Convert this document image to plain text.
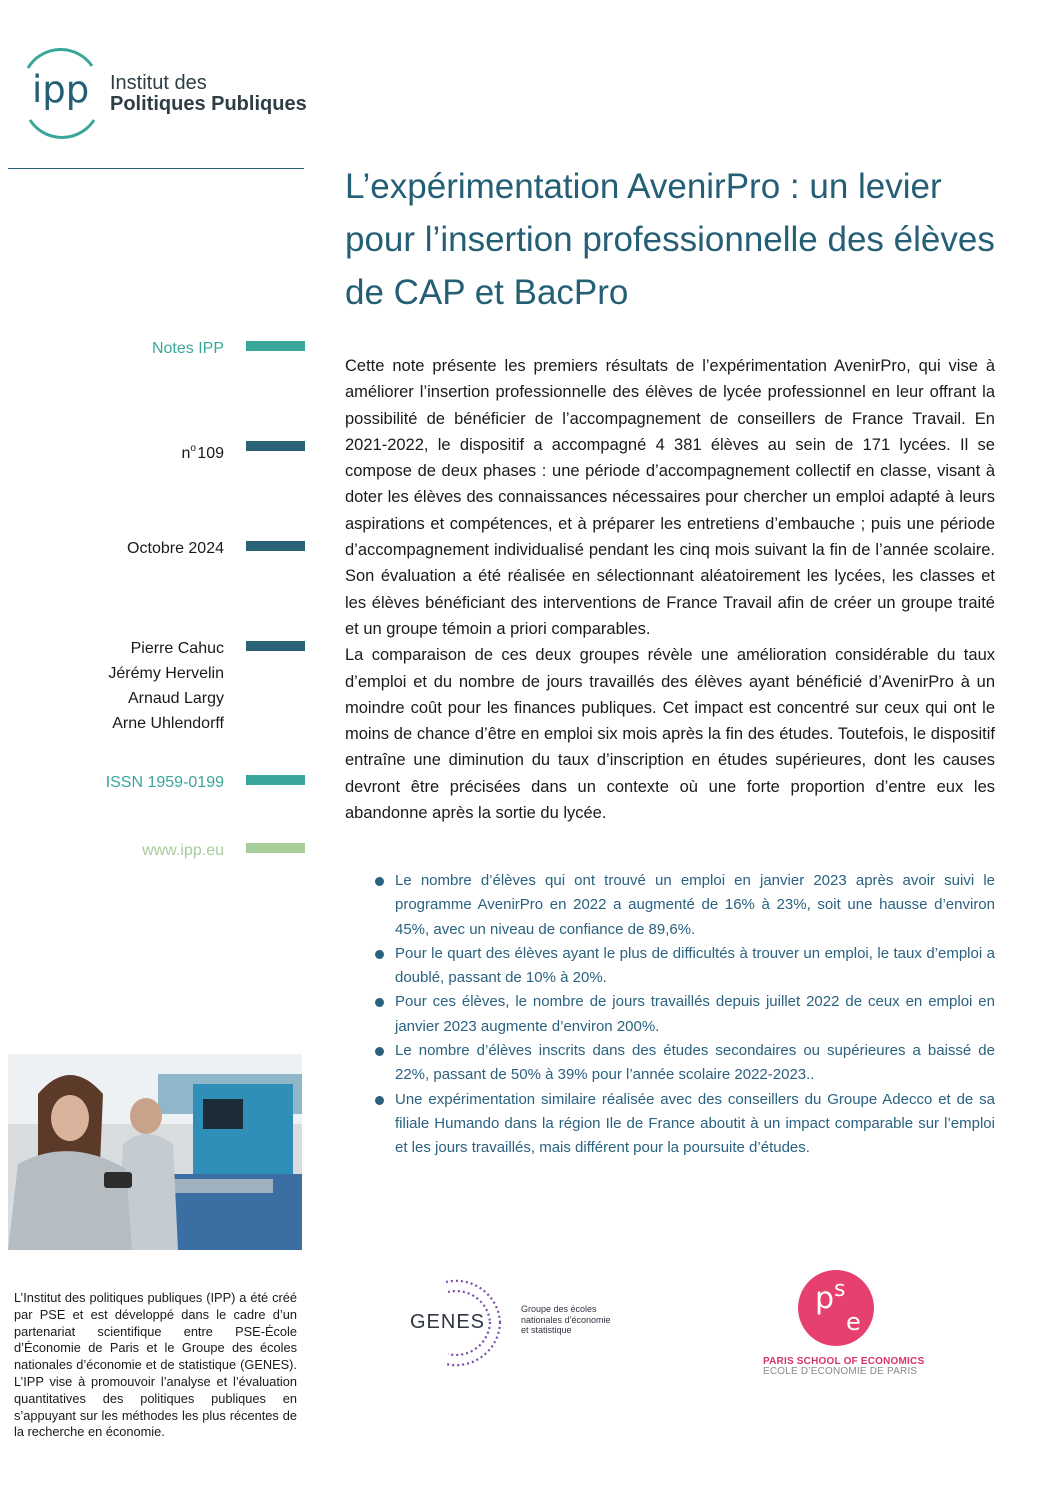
ipp Institut des
Politiques Publiques
L’expérimentation AvenirPro : un levier pour l’insertion professionnelle des élèves de CAP et BacPro
Notes IPP
$n^o$ 109
Octobre 2024
Pierre Cahuc
Jérémy Hervelin
Arnaud Largy
Arne Uhlendorff
ISSN 1959-0199
www.ipp.eu

Cette note présente les premiers résultats de l’expérimentation AvenirPro, qui vise à améliorer l’insertion professionnelle des élèves de lycée professionnel en leur offrant la possibilité de bénéficier de l’accompagnement de conseillers de France Travail. En 2021-2022, le dispositif a accompagné 4 381 élèves au sein de 171 lycées. Il se compose de deux phases : une période d’accompagnement collectif en classe, visant à doter les élèves des connaissances nécessaires pour chercher un emploi adapté à leurs aspirations et compétences, et à préparer les entretiens d’embauche ; puis une période d’accompagnement individualisé pendant les cinq mois suivant la fin de l’année scolaire. Son évaluation a été réalisée en sélectionnant aléatoirement les lycées, les classes et les élèves bénéficiant des interventions de France Travail afin de créer un groupe traité et un groupe témoin a priori comparables.

La comparaison de ces deux groupes révèle une amélioration considérable du taux d’emploi et du nombre de jours travaillés des élèves ayant bénéficié d’AvenirPro à un moindre coût pour les finances publiques. Cet impact est concentré sur ceux qui ont le moins de chance d’être en emploi six mois après la fin des études. Toutefois, le dispositif entraîne une diminution du taux d’inscription en études supérieures, dont les causes devront être précisées dans un contexte où une forte proportion d’entre eux les abandonne après la sortie du lycée.

Le nombre d’élèves qui ont trouvé un emploi en janvier 2023 après avoir suivi le programme AvenirPro en 2022 a augmenté de 16% à 23%, soit une hausse d’environ 45%, avec un niveau de confiance de 89,6%.
Pour le quart des élèves ayant le plus de difficultés à trouver un emploi, le taux d’emploi a doublé, passant de 10% à 20%.
Pour ces élèves, le nombre de jours travaillés depuis juillet 2022 de ceux en emploi en janvier 2023 augmente d’environ 200%.
Le nombre d’élèves inscrits dans des études secondaires ou supérieures a baissé de 22%, passant de 50% à 39% pour l’année scolaire 2022-2023..
Une expérimentation similaire réalisée avec des conseillers du Groupe Adecco et de sa filiale Humando dans la région Ile de France aboutit à un impact comparable sur l’emploi et les jours travaillés, mais différent pour la poursuite d’études.
L’Institut des politiques publiques (IPP) a été créé par PSE et est développé dans le cadre d’un partenariat scientifique entre PSE-École d’Économie de Paris et le Groupe des écoles nationales d’économie et de statistique (GENES). L’IPP vise à promouvoir l’analyse et l’évaluation quantitatives des politiques publiques en s’appuyant sur les méthodes les plus récentes de la recherche en économie.
GENES
Groupe des écoles
nationales d’économie
et statistique
p s
e
PARIS SCHOOL OF ECONOMICS
ECOLE D’ECONOMIE DE PARIS
